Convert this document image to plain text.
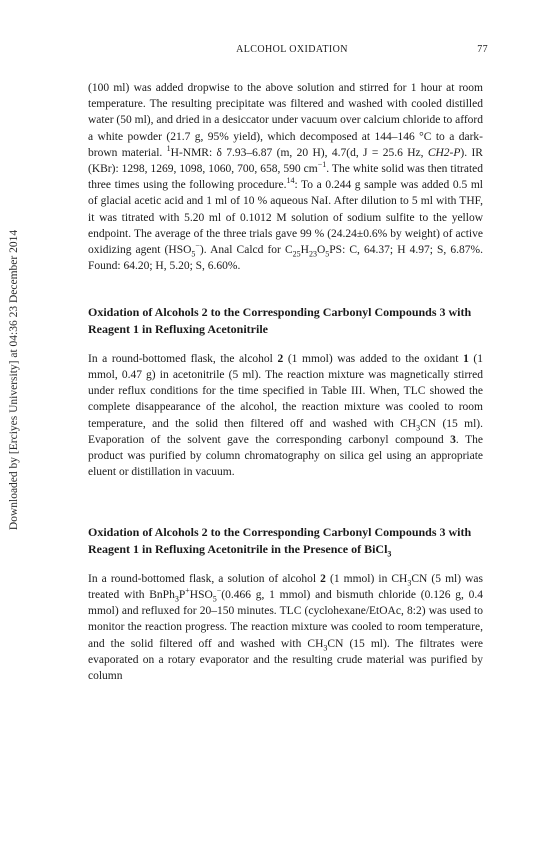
ALCOHOL OXIDATION	77
Downloaded by [Erciyes University] at 04:36 23 December 2014

(100 ml) was added dropwise to the above solution and stirred for 1 hour at room temperature. The resulting precipitate was filtered and washed with cooled distilled water (50 ml), and dried in a desiccator under vacuum over calcium chloride to afford a white powder (21.7 g, 95% yield), which decomposed at 144–146 °C to a dark-brown material. $^1$H-NMR: δ 7.93–6.87 (m, 20 H), 4.7(d, J = 25.6 Hz, CH2-P). IR (KBr): 1298, 1269, 1098, 1060, 700, 658, 590 $cm^{-1}$. The white solid was then titrated three times using the following procedure.$^{14}$: To a 0.244 g sample was added 0.5 ml of glacial acetic acid and 1 ml of 10 % aqueous NaI. After dilution to 5 ml with THF, it was titrated with 5.20 ml of 0.1012 M solution of sodium sulfite to the yellow endpoint. The average of the three trials gave 99 % (24.24±0.6% by weight) of active oxidizing agent $(HSO_5^-)$. Anal Calcd for $C_{25}H_{23}O_5PS$: C, 64.37; H 4.97; S, 6.87%. Found: 64.20; H, 5.20; S, 6.60%.

Oxidation of Alcohols 2 to the Corresponding Carbonyl Compounds 3 with Reagent 1 in Refluxing Acetonitrile

In a round-bottomed flask, the alcohol 2 (1 mmol) was added to the oxidant 1 (1 mmol, 0.47 g) in acetonitrile (5 ml). The reaction mixture was magnetically stirred under reflux conditions for the time specified in Table III. When, TLC showed the complete disappearance of the alcohol, the reaction mixture was cooled to room temperature, and the solid then filtered off and washed with $CH_3CN$ (15 ml). Evaporation of the solvent gave the corresponding carbonyl compound 3. The product was purified by column chromatography on silica gel using an appropriate eluent or distillation in vacuum.

Oxidation of Alcohols 2 to the Corresponding Carbonyl Compounds 3 with Reagent 1 in Refluxing Acetonitrile in the Presence of BiCl$_3$

In a round-bottomed flask, a solution of alcohol 2 (1 mmol) in $CH_3CN$ (5 ml) was treated with $BnPh_3P^+HSO_5^-(0.466$ g, 1 mmol) and bismuth chloride (0.126 g, 0.4 mmol) and refluxed for 20–150 minutes. TLC (cyclohexane/EtOAc, 8:2) was used to monitor the reaction progress. The reaction mixture was cooled to room temperature, and the solid filtered off and washed with $CH_3CN$ (15 ml). The filtrates were evaporated on a rotary evaporator and the resulting crude material was purified by column
